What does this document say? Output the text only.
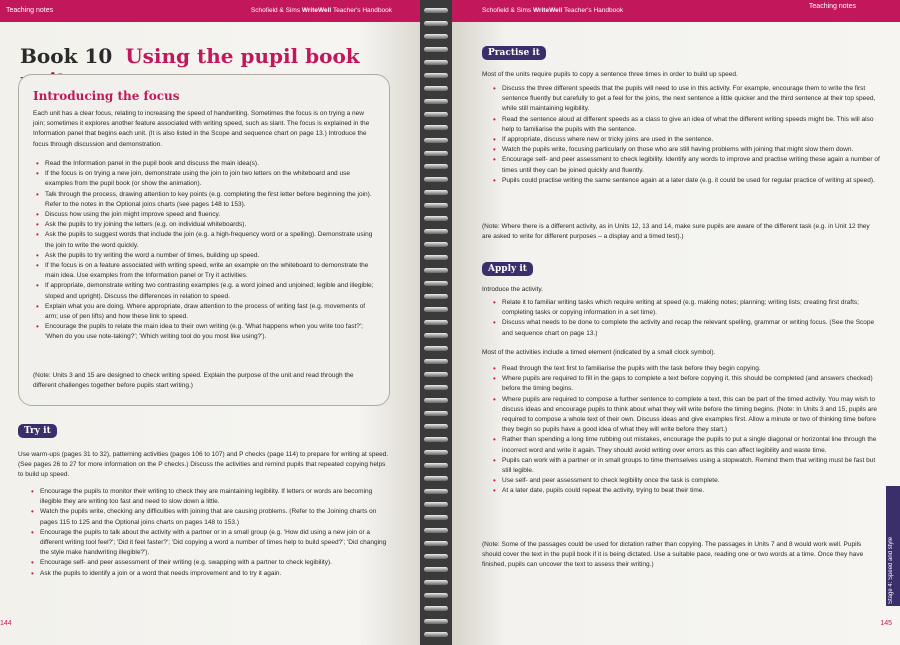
Teaching notes	Schofield & Sims WriteWell Teacher's Handbook
Book 10 Using the pupil book
Introducing the focus
Each unit has a clear focus, relating to increasing the speed of handwriting. Sometimes the focus is on trying a new join; sometimes it explores another feature associated with writing speed, such as slant. The focus is explained in the Information panel that begins each unit. (It is also listed in the Scope and sequence chart on page 13.) Introduce the focus through discussion and demonstration.
• Read the Information panel in the pupil book and discuss the main idea(s).
• If the focus is on trying a new join, demonstrate using the join to join two letters on the whiteboard and use examples from the pupil book (or show the animation).
• Talk through the process, drawing attention to key points (e.g. completing the first letter before beginning the join). Refer to the notes in the Optional joins charts (see pages 148 to 153).
• Discuss how using the join might improve speed and fluency.
• Ask the pupils to try joining the letters (e.g. on individual whiteboards).
• Ask the pupils to suggest words that include the join (e.g. a high-frequency word or a spelling). Demonstrate using the join to write the word quickly.
• Ask the pupils to try writing the word a number of times, building up speed.
• If the focus is on a feature associated with writing speed, write an example on the whiteboard to demonstrate the main idea. Use examples from the Information panel or Try it activities.
• If appropriate, demonstrate writing two contrasting examples (e.g. a word joined and unjoined; legible and illegible; sloped and upright). Discuss the differences in relation to speed.
• Explain what you are doing. Where appropriate, draw attention to the process of writing fast (e.g. movements of arm; use of pen lifts) and how these link to speed.
• Encourage the pupils to relate the main idea to their own writing (e.g. 'What happens when you write too fast?'; 'When do you use note-taking?'; 'Which writing tool do you most like using?').
(Note: Units 3 and 15 are designed to check writing speed. Explain the purpose of the unit and read through the different challenges together before pupils start writing.)
Try it
Use warm-ups (pages 31 to 32), patterning activities (pages 106 to 107) and P checks (page 114) to prepare for writing at speed. (See pages 26 to 27 for more information on the P checks.) Discuss the activities and remind pupils that repeated copying helps to build up speed.
• Encourage the pupils to monitor their writing to check they are maintaining legibility. If letters or words are becoming illegible they are writing too fast and need to slow down a little.
• Watch the pupils write, checking any difficulties with joining that are causing problems. (Refer to the Joining charts on pages 115 to 125 and the Optional joins charts on pages 148 to 153.)
• Encourage the pupils to talk about the activity with a partner or in a small group (e.g. 'How did using a new join or a different writing tool feel?'; 'Did it feel faster?'; 'Did copying a word a number of times help to build speed?'; 'Did changing the style make handwriting illegible?').
• Encourage self- and peer assessment of their writing (e.g. swapping with a partner to check legibility).
• Ask the pupils to identify a join or a word that needs improvement and to try it again.
144
Schofield & Sims WriteWell Teacher's Handbook
Teaching notes
Practise it
Most of the units require pupils to copy a sentence three times in order to build up speed.
• Discuss the three different speeds that the pupils will need to use in this activity. For example, encourage them to write the first sentence fluently but carefully to get a feel for the joins, the next sentence a little quicker and the third sentence at their top speed, while still maintaining legibility.
• Read the sentence aloud at different speeds as a class to give an idea of what the different writing speeds might be. This will also help to familiarise the pupils with the sentence.
• If appropriate, discuss where new or tricky joins are used in the sentence.
• Watch the pupils write, focusing particularly on those who are still having problems with joining that might slow them down.
• Encourage self- and peer assessment to check legibility. Identify any words to improve and practise writing these again a number of times until they can be joined quickly and fluently.
• Pupils could practise writing the same sentence again at a later date (e.g. it could be used for regular practice of writing at speed).
(Note: Where there is a different activity, as in Units 12, 13 and 14, make sure pupils are aware of the different task (e.g. in Unit 12 they are asked to write for different purposes – a display and a timed test).)
Apply it
Introduce the activity.
• Relate it to familiar writing tasks which require writing at speed (e.g. making notes; planning; writing lists; creating first drafts; completing tasks or copying information in a set time).
• Discuss what needs to be done to complete the activity and recap the relevant spelling, grammar or writing focus. (See the Scope and sequence chart on page 13.)
Most of the activities include a timed element (indicated by a small clock symbol).
• Read through the text first to familiarise the pupils with the task before they begin copying.
• Where pupils are required to fill in the gaps to complete a text before copying it, this should be completed (and answers checked) before the timing begins.
• Where pupils are required to compose a further sentence to complete a text, this can be part of the timed activity. You may wish to discuss ideas and encourage pupils to think about what they will write before the timing begins. (Note: In Units 3 and 15, pupils are required to compose a whole text of their own. Discuss ideas and give examples first. Allow a minute or two of thinking time before they begin so pupils have a good idea of what they will write before they start.)
• Rather than spending a long time rubbing out mistakes, encourage the pupils to put a single diagonal or horizontal line through the incorrect word and write it again. They should avoid writing over errors as this can affect legibility and waste time.
• Pupils can work with a partner or in small groups to time themselves using a stopwatch. Remind them that writing must be fast but still legible.
• Use self- and peer assessment to check legibility once the task is complete.
• At a later date, pupils could repeat the activity, trying to beat their time.
(Note: Some of the passages could be used for dictation rather than copying. The passages in Units 7 and 8 would work well. Pupils should cover the text in the pupil book if it is being dictated. Use a suitable pace, reading one or two words at a time. Once they have finished, pupils can uncover the text to assess their writing.)	Stage 4: Speed and style
145
